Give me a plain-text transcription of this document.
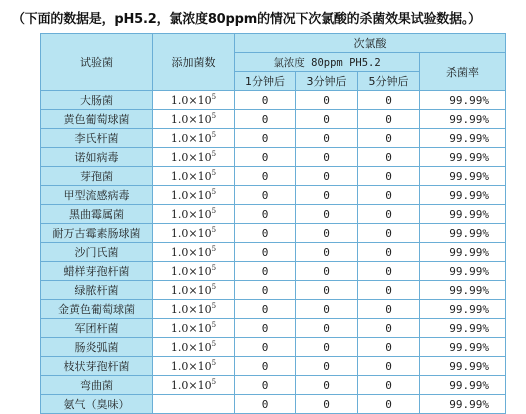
（下面的数据是，pH5.2，氯浓度80ppm的情况下次氯酸的杀菌效果试验数据。）
试验菌	添加菌数	次氯酸			
		氯浓度 80ppm PH5.2			杀菌率
		1分钟后	3分钟后	5分钟后	
大肠菌	$1.0\times 10^5$	0	0	0	99.99%
黄色葡萄球菌	$1.0\times 10^5$	0	0	0	99.99%
李氏杆菌	$1.0\times 10^5$	0	0	0	99.99%
诺如病毒	$1.0\times 10^5$	0	0	0	99.99%
芽孢菌	$1.0\times 10^5$	0	0	0	99.99%
甲型流感病毒	$1.0\times 10^5$	0	0	0	99.99%
黑曲霉属菌	$1.0\times 10^5$	0	0	0	99.99%
耐万古霉素肠球菌	$1.0\times 10^5$	0	0	0	99.99%
沙门氏菌	$1.0\times 10^5$	0	0	0	99.99%
蜡样芽孢杆菌	$1.0\times 10^5$	0	0	0	99.99%
绿脓杆菌	$1.0\times 10^5$	0	0	0	99.99%
金黄色葡萄球菌	$1.0\times 10^5$	0	0	0	99.99%
军团杆菌	$1.0\times 10^5$	0	0	0	99.99%
肠炎弧菌	$1.0\times 10^5$	0	0	0	99.99%
枝状芽孢杆菌	$1.0\times 10^5$	0	0	0	99.99%
弯曲菌	$1.0\times 10^5$	0	0	0	99.99%
氨气（臭味）		0	0	0	99.99%
